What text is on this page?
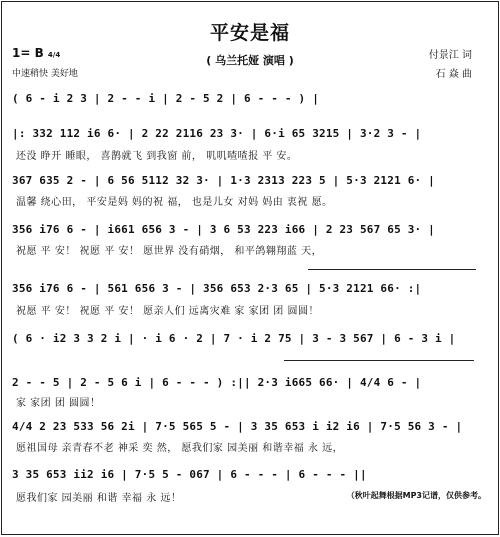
平安是福
1= B 4/4	( 乌兰托娅 演唱 )
中速稍快 美好地
付景江 词
石 焱 曲
( 6 - i 2 3 | 2 - - i | 2 - 5 2 | 6 - - - ) |
|: 332 112 i6 6· | 2 22 2116 23 3· | 6·i 65 3215 | 3·2 3 - |
还没 睁开 睡眼， 喜鹊就飞 到我窗 前， 叽叽喳喳报 平 安。
367 635 2 - | 6 56 5112 32 3· | 1·3 2313 223 5 | 5·3 2121 6· |
温馨 绕心田， 平安是妈 妈的祝 福， 也是儿女 对妈 妈由 衷祝 愿。
356 i76 6 - | i661 656 3 - | 3 6 53 223 i66 | 2 23 567 65 3· |
祝愿 平 安！ 祝愿 平 安！ 愿世界 没有硝烟， 和平鸽翱翔蓝 天，
356 i76 6 - | 561 656 3 - | 356 653 2·3 65 | 5·3 2121 66· :|
祝愿 平 安！ 祝愿 平 安！ 愿亲人们 远离灾难 家 家团 团 圆圆！
( 6 · i2 3 3 2 i | · i 6 · 2 | 7 · i 2 75 | 3 - 3 567 | 6 - 3 i |
2 - - 5 | 2 - 5 6 i | 6 - - - ) :|| 2·3 i665 66· | 4/4 6 - |
家 家团 团 圆圆！
4/4 2 23 533 56 2i | 7·5 565 5 - | 3 35 653 i i2 i6 | 7·5 56 3 - |
愿祖国母 亲青春不老 神采 奕 然， 愿我们家 园美丽 和谐幸福 永 远，
3 35 653 ii2 i6 | 7·5 5 - 067 | 6 - - - | 6 - - - ||
愿我们家 园美丽 和谐 幸福 永 远！	（秋叶起舞根据MP3记谱，仅供参考。
